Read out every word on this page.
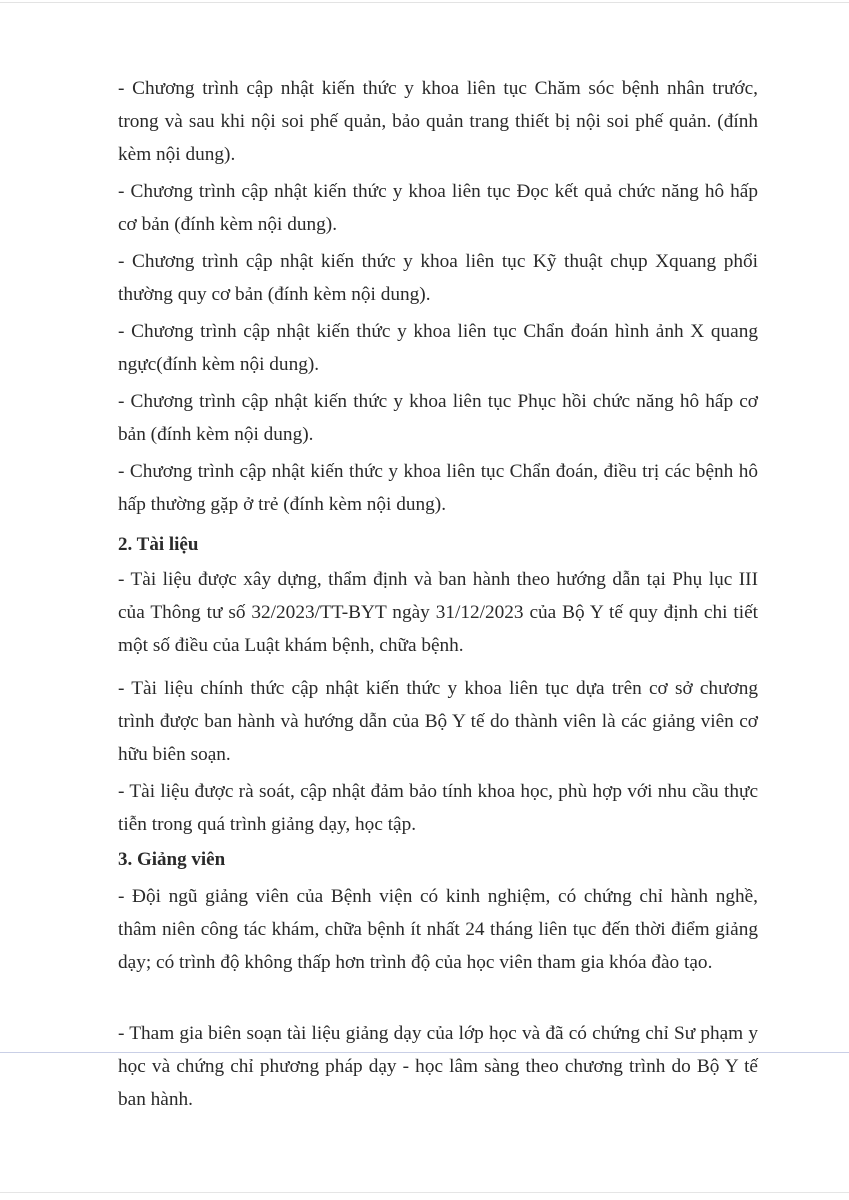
- Chương trình cập nhật kiến thức y khoa liên tục Chăm sóc bệnh nhân trước, trong và sau khi nội soi phế quản, bảo quản trang thiết bị nội soi phế quản. (đính kèm nội dung).

- Chương trình cập nhật kiến thức y khoa liên tục Đọc kết quả chức năng hô hấp cơ bản (đính kèm nội dung).

- Chương trình cập nhật kiến thức y khoa liên tục Kỹ thuật chụp Xquang phổi thường quy cơ bản (đính kèm nội dung).

- Chương trình cập nhật kiến thức y khoa liên tục Chẩn đoán hình ảnh X quang ngực(đính kèm nội dung).

- Chương trình cập nhật kiến thức y khoa liên tục Phục hồi chức năng hô hấp cơ bản (đính kèm nội dung).

- Chương trình cập nhật kiến thức y khoa liên tục Chẩn đoán, điều trị các bệnh hô hấp thường gặp ở trẻ (đính kèm nội dung).

2. Tài liệu

- Tài liệu được xây dựng, thẩm định và ban hành theo hướng dẫn tại Phụ lục III của Thông tư số 32/2023/TT-BYT ngày 31/12/2023 của Bộ Y tế quy định chi tiết một số điều của Luật khám bệnh, chữa bệnh.

- Tài liệu chính thức cập nhật kiến thức y khoa liên tục dựa trên cơ sở chương trình được ban hành và hướng dẫn của Bộ Y tế do thành viên là các giảng viên cơ hữu biên soạn.

- Tài liệu được rà soát, cập nhật đảm bảo tính khoa học, phù hợp với nhu cầu thực tiễn trong quá trình giảng dạy, học tập.

3. Giảng viên

- Đội ngũ giảng viên của Bệnh viện có kinh nghiệm, có chứng chỉ hành nghề, thâm niên công tác khám, chữa bệnh ít nhất 24 tháng liên tục đến thời điểm giảng dạy; có trình độ không thấp hơn trình độ của học viên tham gia khóa đào tạo.

- Tham gia biên soạn tài liệu giảng dạy của lớp học và đã có chứng chỉ Sư phạm y học và chứng chỉ phương pháp dạy - học lâm sàng theo chương trình do Bộ Y tế ban hành.
